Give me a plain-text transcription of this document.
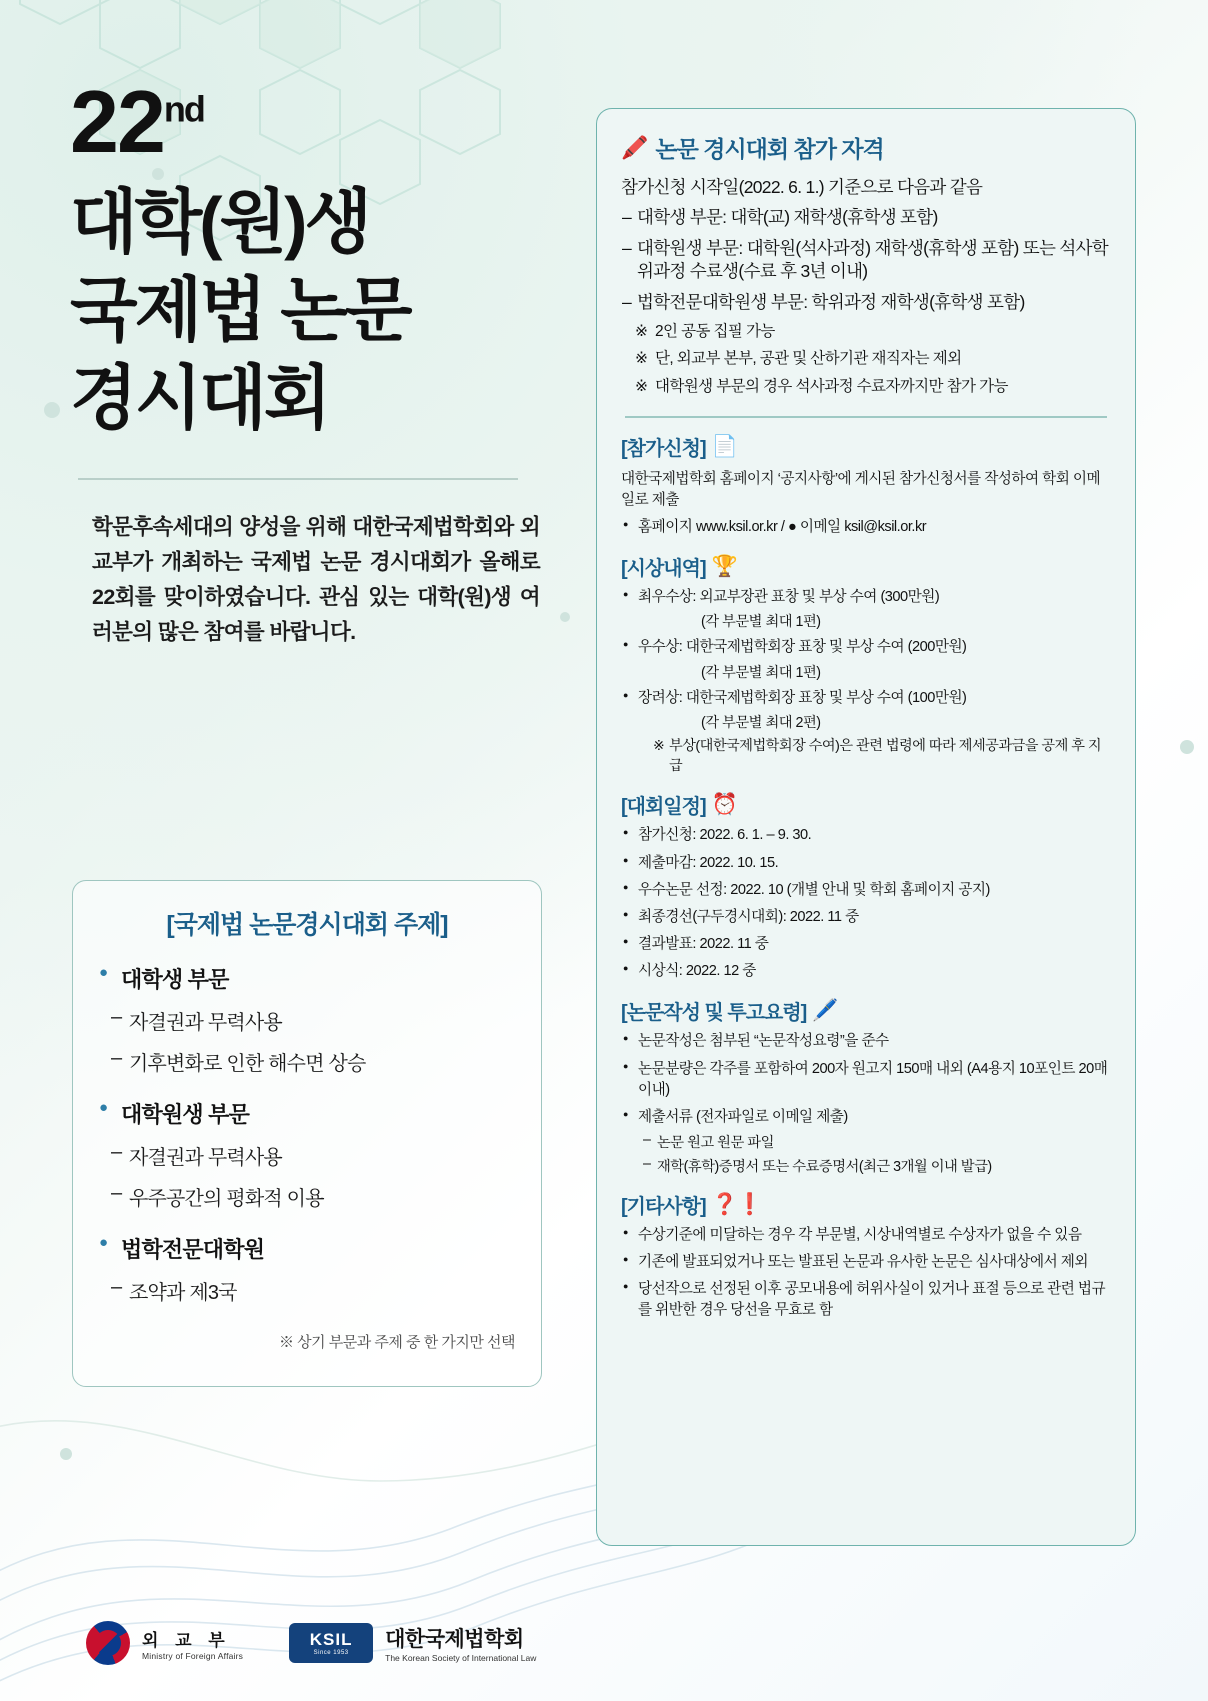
22nd
대학(원)생
국제법 논문
경시대회
학문후속세대의 양성을 위해 대한국제법학회와 외교부가 개최하는 국제법 논문 경시대회가 올해로 22회를 맞이하였습니다. 관심 있는 대학(원)생 여러분의 많은 참여를 바랍니다.
[국제법 논문경시대회 주제]
● 대학생 부문
– 자결권과 무력사용
– 기후변화로 인한 해수면 상승
● 대학원생 부문
– 자결권과 무력사용
– 우주공간의 평화적 이용
● 법학전문대학원
– 조약과 제3국
※ 상기 부문과 주제 중 한 가지만 선택
외 교 부
Ministry of Foreign Affairs
KSIL
Since 1953
대한국제법학회
The Korean Society of International Law
🖍️ 논문 경시대회 참가 자격
참가신청 시작일(2022. 6. 1.) 기준으로 다음과 같음
– 대학생 부문: 대학(교) 재학생(휴학생 포함)
– 대학원생 부문: 대학원(석사과정) 재학생(휴학생 포함) 또는 석사학위과정 수료생(수료 후 3년 이내)
– 법학전문대학원생 부문: 학위과정 재학생(휴학생 포함)
※ 2인 공동 집필 가능
※ 단, 외교부 본부, 공관 및 산하기관 재직자는 제외
※ 대학원생 부문의 경우 석사과정 수료자까지만 참가 가능
[참가신청] 📄
대한국제법학회 홈페이지 ‘공지사항’에 게시된 참가신청서를 작성하여 학회 이메일로 제출
● 홈페이지 www.ksil.or.kr / ● 이메일 ksil@ksil.or.kr
[시상내역] 🏆
● 최우수상: 외교부장관 표창 및 부상 수여 (300만원)
(각 부문별 최대 1편)
● 우수상: 대한국제법학회장 표창 및 부상 수여 (200만원)
(각 부문별 최대 1편)
● 장려상: 대한국제법학회장 표창 및 부상 수여 (100만원)
(각 부문별 최대 2편)
※ 부상(대한국제법학회장 수여)은 관련 법령에 따라 제세공과금을 공제 후 지급
[대회일정] ⏰
● 참가신청: 2022. 6. 1. – 9. 30.
● 제출마감: 2022. 10. 15.
● 우수논문 선정: 2022. 10 (개별 안내 및 학회 홈페이지 공지)
● 최종경선(구두경시대회): 2022. 11 중
● 결과발표: 2022. 11 중
● 시상식: 2022. 12 중
[논문작성 및 투고요령] 🖊️
● 논문작성은 첨부된 “논문작성요령”을 준수
● 논문분량은 각주를 포함하여 200자 원고지 150매 내외 (A4용지 10포인트 20매 이내)
● 제출서류 (전자파일로 이메일 제출)
– 논문 원고 원문 파일
– 재학(휴학)증명서 또는 수료증명서(최근 3개월 이내 발급)
[기타사항] ❓❗
● 수상기준에 미달하는 경우 각 부문별, 시상내역별로 수상자가 없을 수 있음
● 기존에 발표되었거나 또는 발표된 논문과 유사한 논문은 심사대상에서 제외
● 당선작으로 선정된 이후 공모내용에 허위사실이 있거나 표절 등으로 관련 법규를 위반한 경우 당선을 무효로 함
